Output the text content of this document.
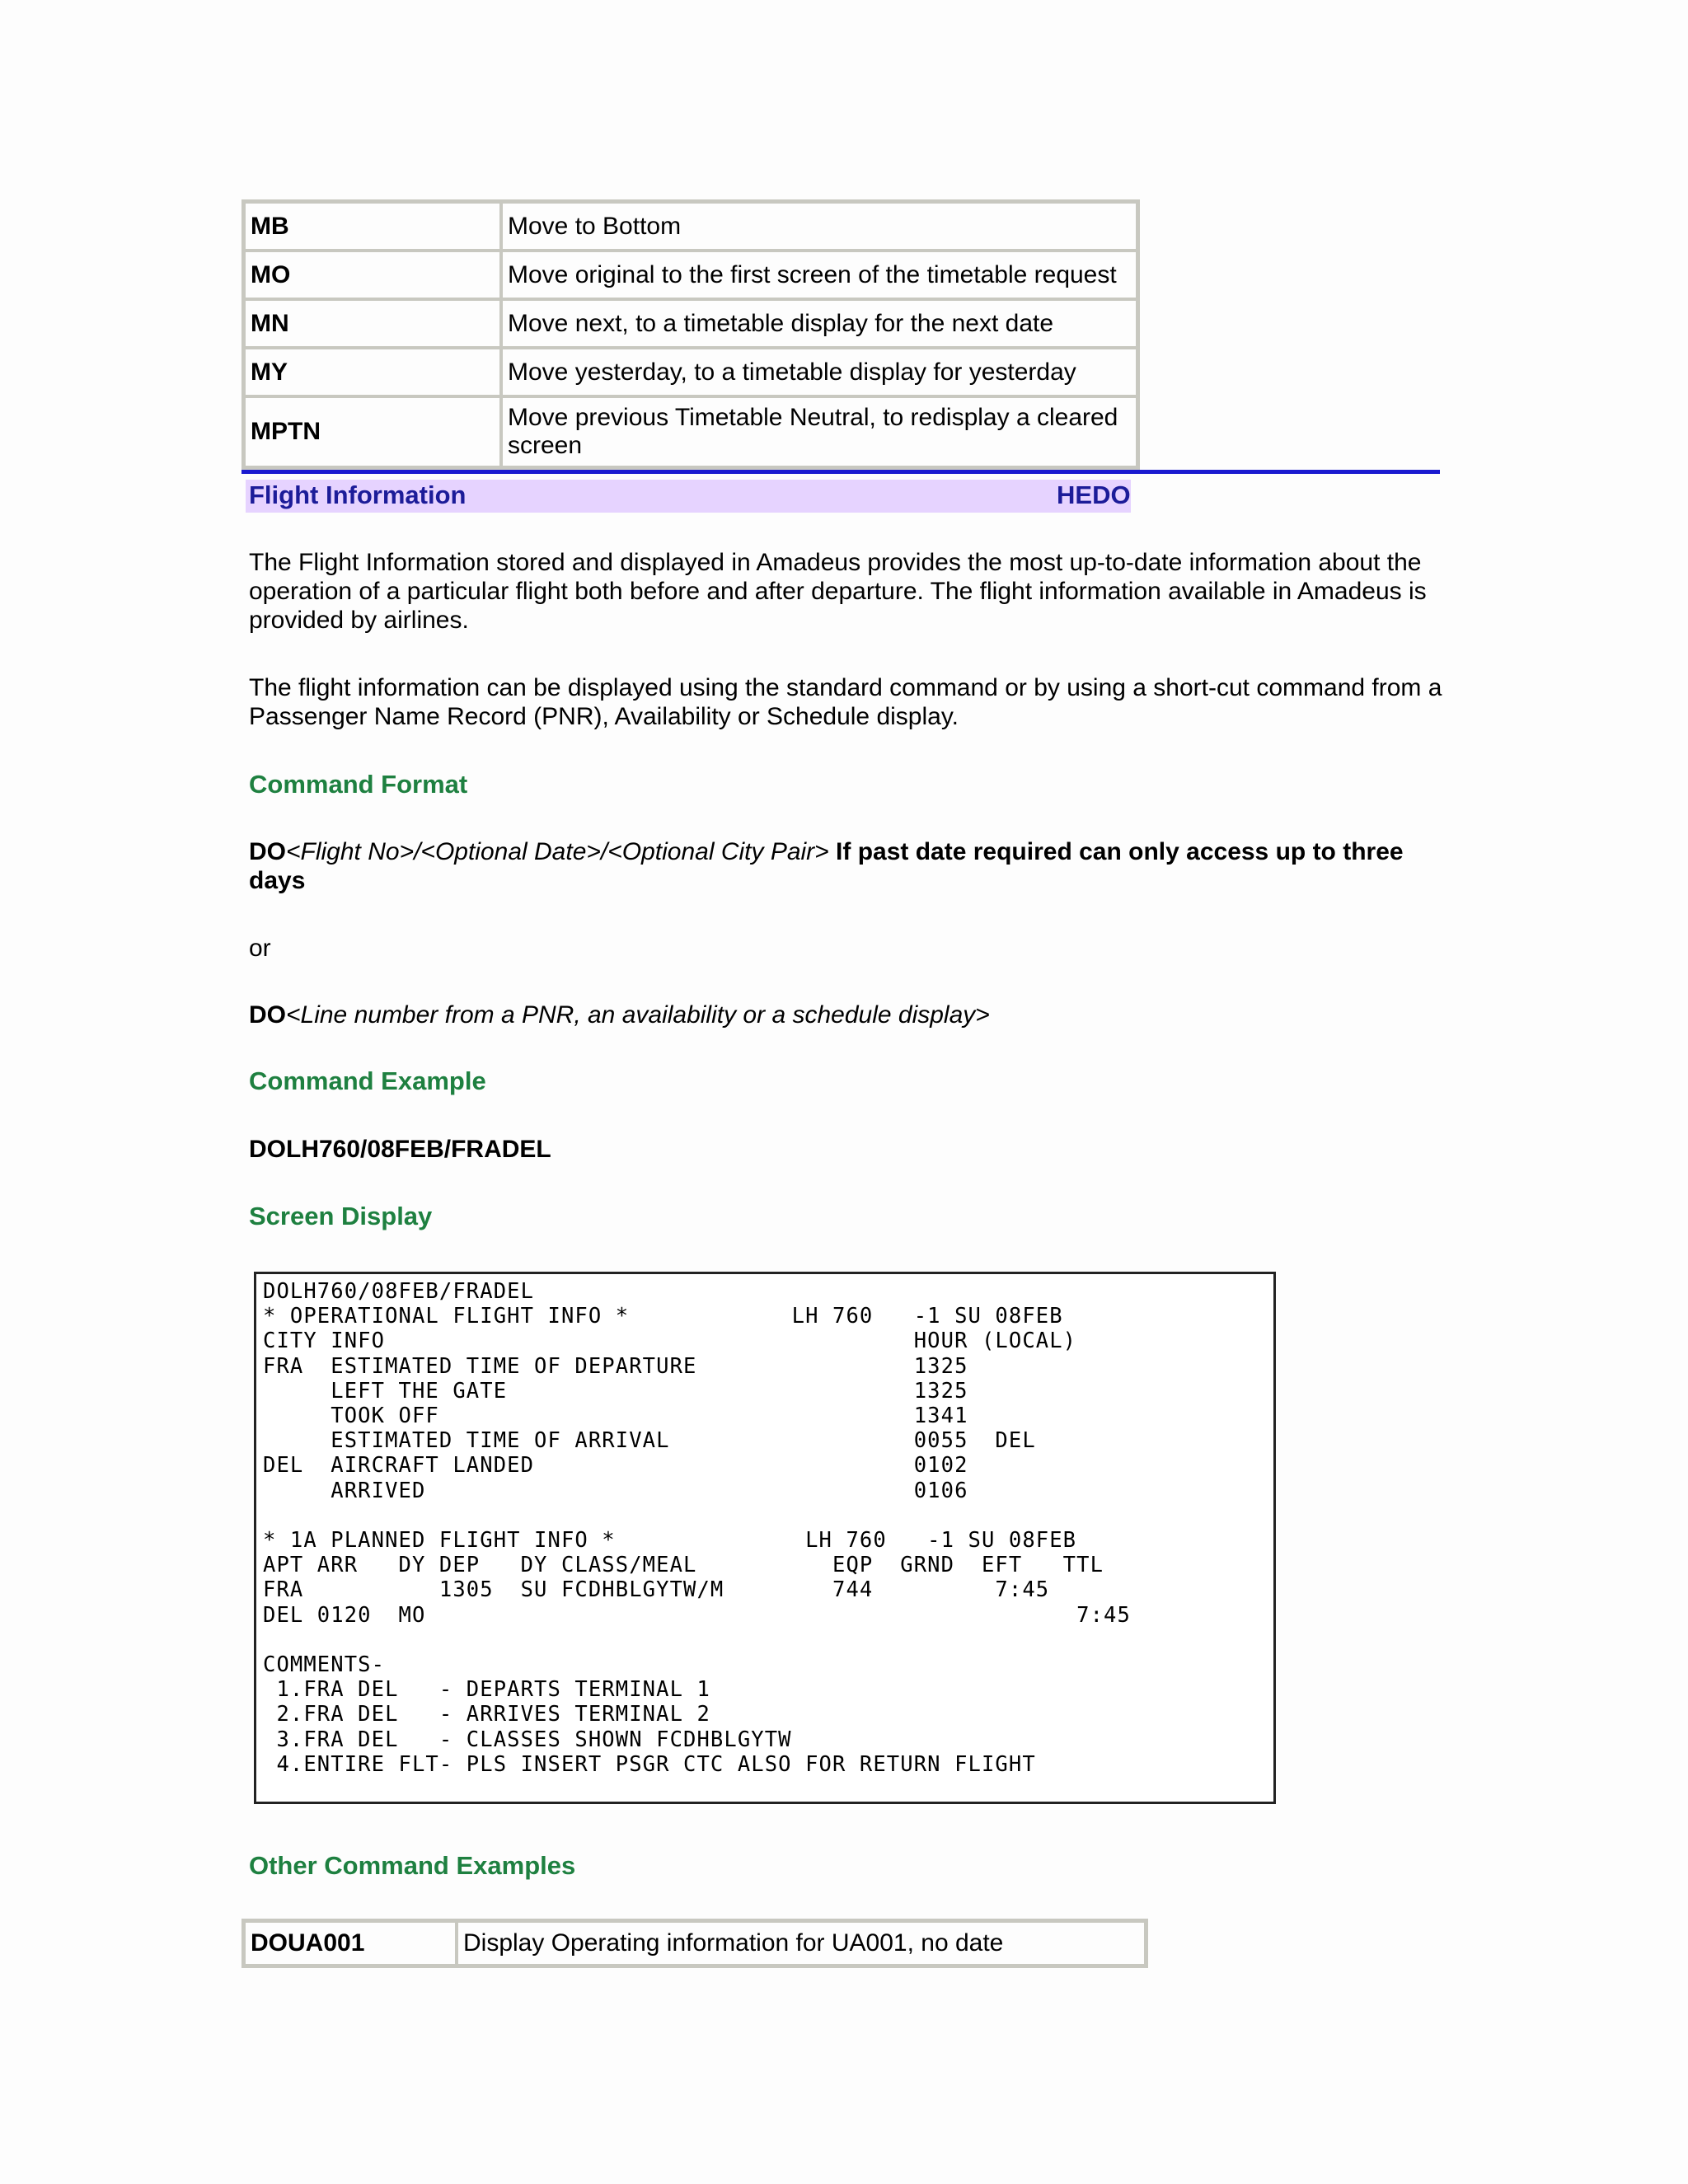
MB	Move to Bottom
MO	Move original to the first screen of the timetable request
MN	Move next, to a timetable display for the next date
MY	Move yesterday, to a timetable display for yesterday
MPTN	Move previous Timetable Neutral, to redisplay a cleared screen
Flight Information	HEDO
The Flight Information stored and displayed in Amadeus provides the most up-to-date information about the operation of a particular flight both before and after departure. The flight information available in Amadeus is provided by airlines.
The flight information can be displayed using the standard command or by using a short-cut command from a Passenger Name Record (PNR), Availability or Schedule display.
Command Format
DO<Flight No>/<Optional Date>/<Optional City Pair> If past date required can only access up to three days
or
DO<Line number from a PNR, an availability or a schedule display>
Command Example
DOLH760/08FEB/FRADEL
Screen Display
DOLH760/08FEB/FRADEL
* OPERATIONAL FLIGHT INFO *            LH 760   -1 SU 08FEB
CITY INFO                                       HOUR (LOCAL)
FRA  ESTIMATED TIME OF DEPARTURE                1325
LEFT THE GATE                              1325
TOOK OFF                                   1341
ESTIMATED TIME OF ARRIVAL                  0055  DEL
DEL  AIRCRAFT LANDED                            0102
ARRIVED                                    0106

* 1A PLANNED FLIGHT INFO *              LH 760   -1 SU 08FEB
APT ARR   DY DEP   DY CLASS/MEAL          EQP  GRND  EFT   TTL
FRA          1305  SU FCDHBLGYTW/M        744         7:45
DEL 0120  MO                                                7:45

COMMENTS-
1.FRA DEL   - DEPARTS TERMINAL 1
2.FRA DEL   - ARRIVES TERMINAL 2
3.FRA DEL   - CLASSES SHOWN FCDHBLGYTW
4.ENTIRE FLT- PLS INSERT PSGR CTC ALSO FOR RETURN FLIGHT
Other Command Examples
DOUA001	Display Operating information for UA001, no date
